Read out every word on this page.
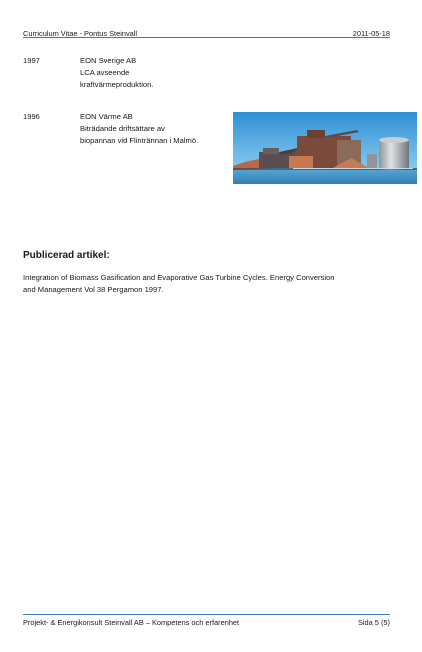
Curriculum Vitae - Pontus Steinvall	2011-05-18
1997	EON Sverige AB
LCA avseende
kraftvärmeproduktion.
1996	EON Värme AB
Biträdande driftsättare av
biopannan vid Flintrännan i Malmö.
Publicerad artikel:
Integration of Biomass Gasification and Evaporative Gas Turbine Cycles. Energy Conversion
and Management Vol 38 Pergamon 1997.
Projekt- & Energikonsult Steinvall AB – Kompetens och erfarenhet	Sida 5 (5)
